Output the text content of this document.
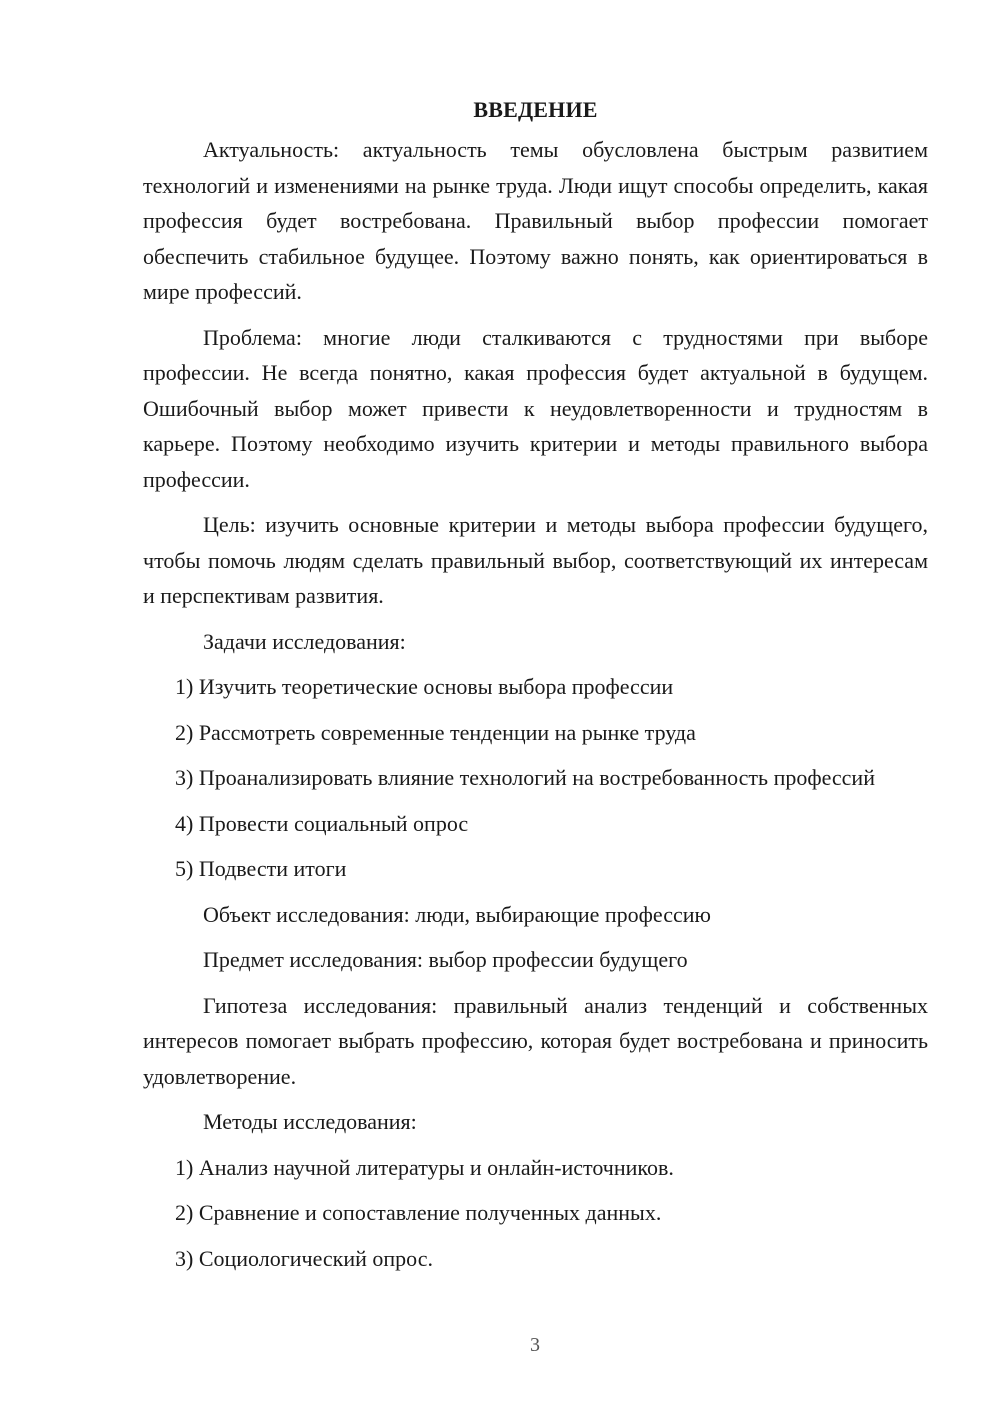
ВВЕДЕНИЕ

Актуальность: актуальность темы обусловлена быстрым развитием технологий и изменениями на рынке труда. Люди ищут способы определить, какая профессия будет востребована. Правильный выбор профессии помогает обеспечить стабильное будущее. Поэтому важно понять, как ориентироваться в мире профессий.

Проблема: многие люди сталкиваются с трудностями при выборе профессии. Не всегда понятно, какая профессия будет актуальной в будущем. Ошибочный выбор может привести к неудовлетворенности и трудностям в карьере. Поэтому необходимо изучить критерии и методы правильного выбора профессии.

Цель: изучить основные критерии и методы выбора профессии будущего, чтобы помочь людям сделать правильный выбор, соответствующий их интересам и перспективам развития.

Задачи исследования:

1) Изучить теоретические основы выбора профессии

2) Рассмотреть современные тенденции на рынке труда

3) Проанализировать влияние технологий на востребованность профессий

4) Провести социальный опрос

5) Подвести итоги

Объект исследования: люди, выбирающие профессию

Предмет исследования: выбор профессии будущего

Гипотеза исследования: правильный анализ тенденций и собственных интересов помогает выбрать профессию, которая будет востребована и приносить удовлетворение.

Методы исследования:

1) Анализ научной литературы и онлайн-источников.

2) Сравнение и сопоставление полученных данных.

3) Социологический опрос.

3
